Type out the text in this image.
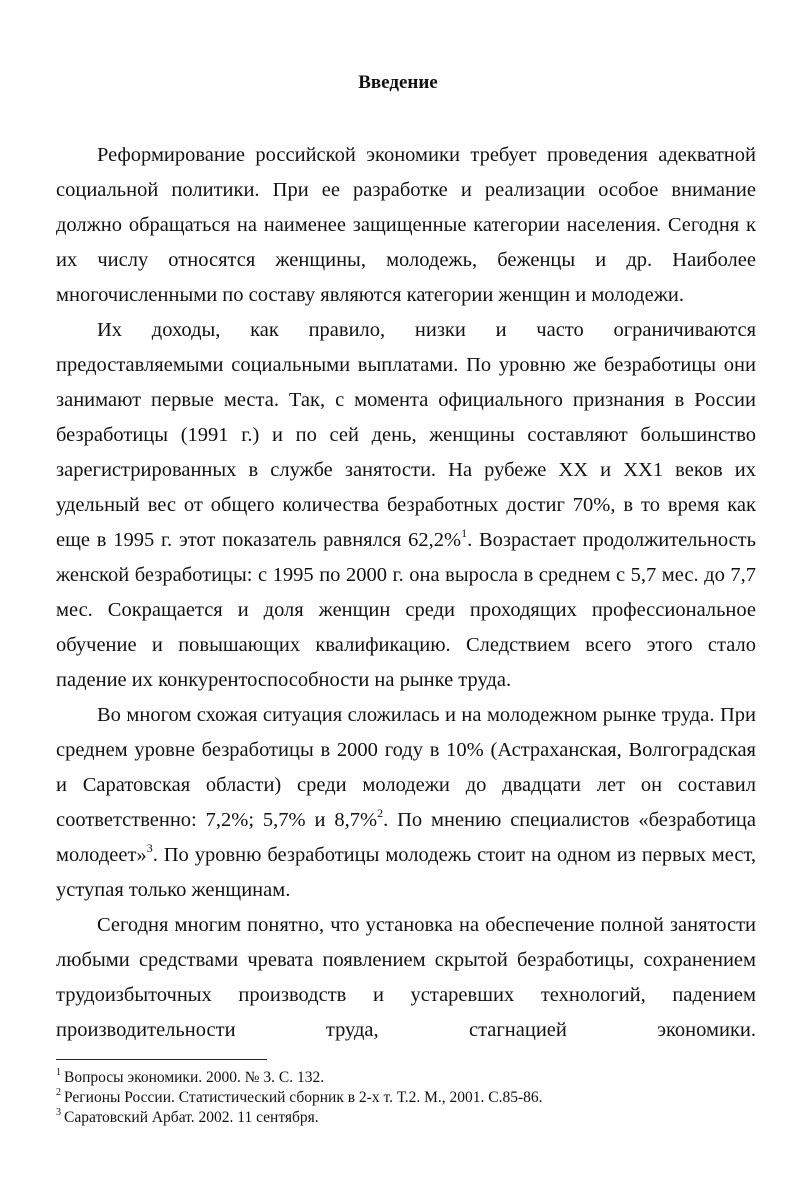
Введение

Реформирование российской экономики требует проведения адекватной социальной политики. При ее разработке и реализации особое внимание должно обращаться на наименее защищенные категории населения. Сегодня к их числу относятся женщины, молодежь, беженцы и др. Наиболее многочисленными по составу являются категории женщин и молодежи.

Их доходы, как правило, низки и часто ограничиваются предоставляемыми социальными выплатами. По уровню же безработицы они занимают первые места. Так, с момента официального признания в России безработицы (1991 г.) и по сей день, женщины составляют большинство зарегистрированных в службе занятости. На рубеже XX и XX1 веков их удельный вес от общего количества безработных достиг 70%, в то время как еще в 1995 г. этот показатель равнялся 62,2%$^1$. Возрастает продолжительность женской безработицы: с 1995 по 2000 г. она выросла в среднем с 5,7 мес. до 7,7 мес. Сокращается и доля женщин среди проходящих профессиональное обучение и повышающих квалификацию. Следствием всего этого стало падение их конкурентоспособности на рынке труда.

Во многом схожая ситуация сложилась и на молодежном рынке труда. При среднем уровне безработицы в 2000 году в 10% (Астраханская, Волгоградская и Саратовская области) среди молодежи до двадцати лет он составил соответственно: 7,2%; 5,7% и 8,7%$^2$. По мнению специалистов «безработица молодеет»$^3$. По уровню безработицы молодежь стоит на одном из первых мест, уступая только женщинам.

Сегодня многим понятно, что установка на обеспечение полной занятости любыми средствами чревата появлением скрытой безработицы, сохранением трудоизбыточных производств и устаревших технологий, падением
производительности труда, стагнацией экономики.

$^1$ Вопросы экономики. 2000. № 3. С. 132.

$^2$ Регионы России. Статистический сборник в 2-х т. Т.2. М., 2001. С.85-86.

$^3$ Саратовский Арбат. 2002. 11 сентября.
